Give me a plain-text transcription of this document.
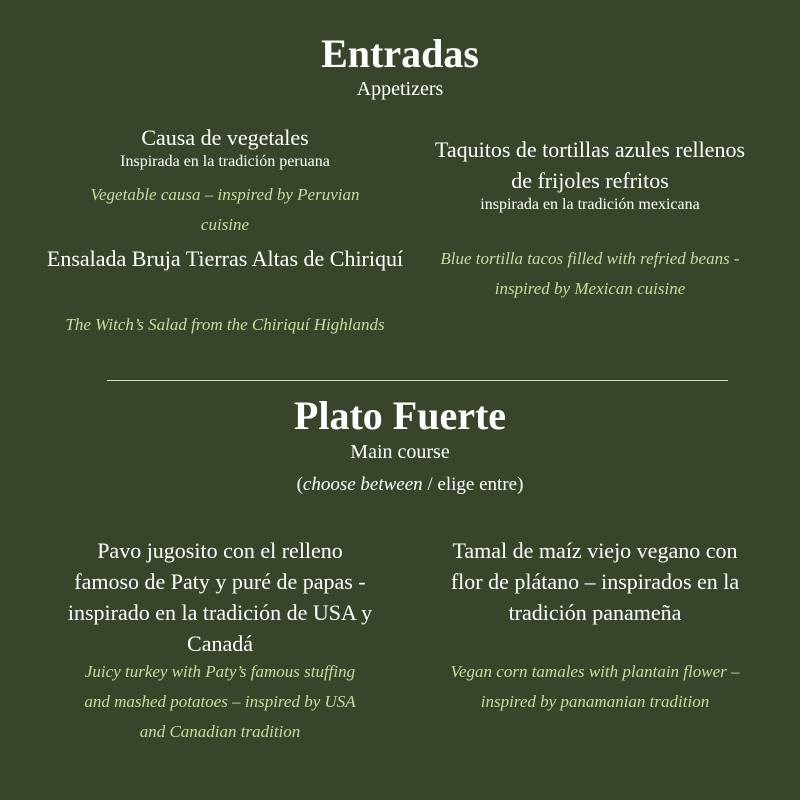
Entradas
Appetizers
Causa de vegetales
Inspirada en la tradición peruana
Vegetable causa – inspired by Peruvian cuisine
Ensalada Bruja Tierras Altas de Chiriquí
The Witch’s Salad from the Chiriquí Highlands
Taquitos de tortillas azules rellenos de frijoles refritos
inspirada en la tradición mexicana
Blue tortilla tacos filled with refried beans - inspired by Mexican cuisine
Plato Fuerte
Main course
(choose between / elige entre)
Pavo jugosito con el relleno famoso de Paty y puré de papas - inspirado en la tradición de USA y Canadá
Juicy turkey with Paty’s famous stuffing and mashed potatoes – inspired by USA and Canadian tradition
Tamal de maíz viejo vegano con flor de plátano – inspirados en la tradición panameña
Vegan corn tamales with plantain flower – inspired by panamanian tradition
